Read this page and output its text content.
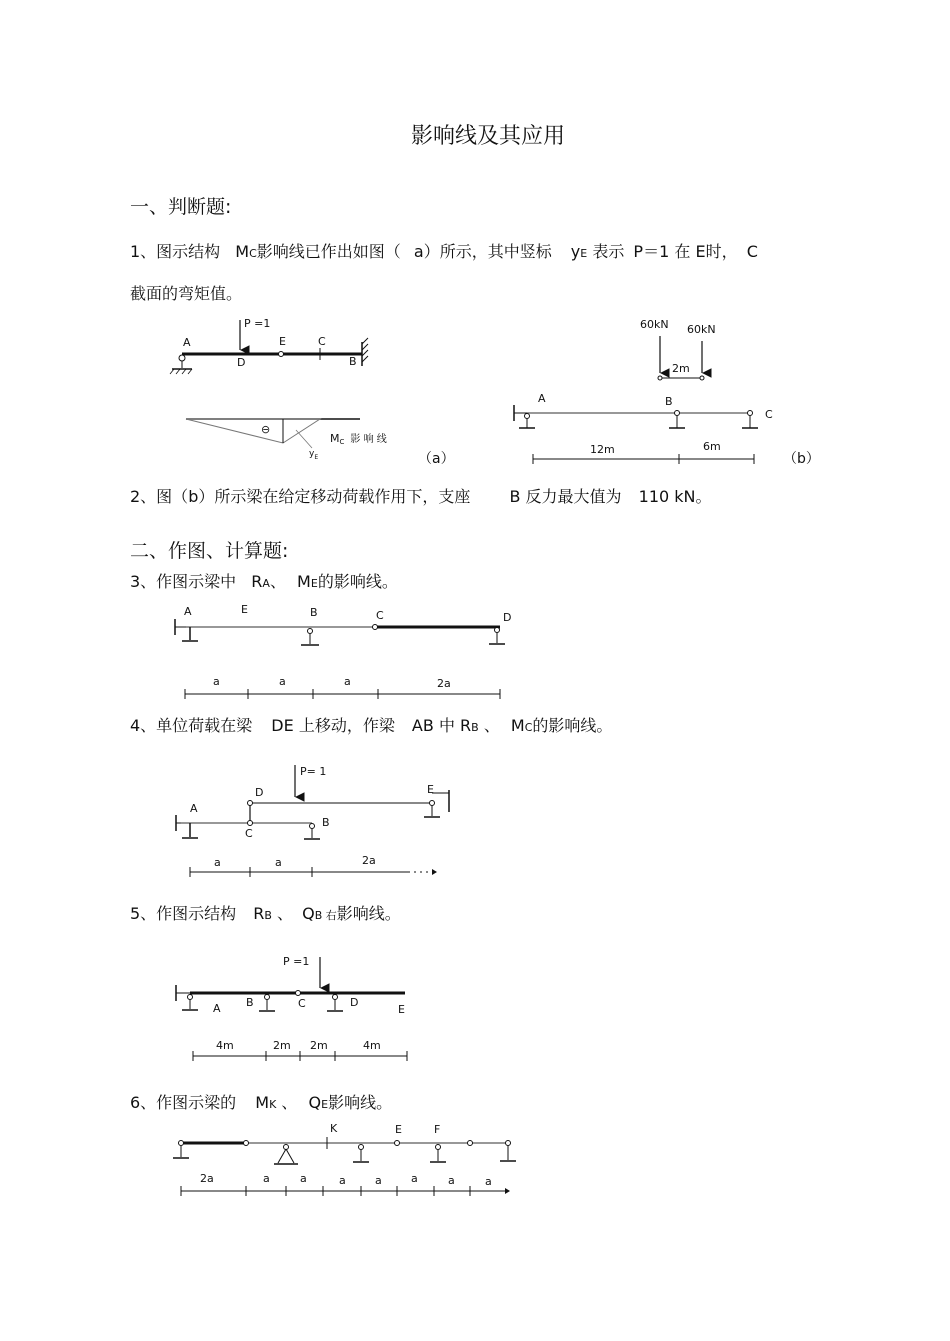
影响线及其应用
一、判断题:
1、图示结构 MC影响线已作出如图（ a）所示，其中竖标 yE 表示 P＝1 在 E时， C
截面的弯矩值。
2、图（b）所示梁在给定移动荷载作用下，支座 B 反力最大值为 110 kN。
二、作图、计算题:
3、作图示梁中 RA、 ME的影响线。
4、单位荷载在梁 DE 上移动，作梁 AB 中 RB 、 MC的影响线。
5、作图示结构 RB 、 QB 右影响线。
6、作图示梁的 MK 、 QE影响线。
P =1
A
D
E	C
B
⊖
$M_C$ 影 响 线
$y_E$	（a）
60kN 60kN
2m
A	B
C
12m	6m
（b）
A	E	B	C	D
a	a	a	2a
P= 1
D	E
A
C
B
a	a	2a
P =1
A B	C	D
E
4m	2m 2m	4m
K	E	F
2a	a	a	a	a	a	a	a
